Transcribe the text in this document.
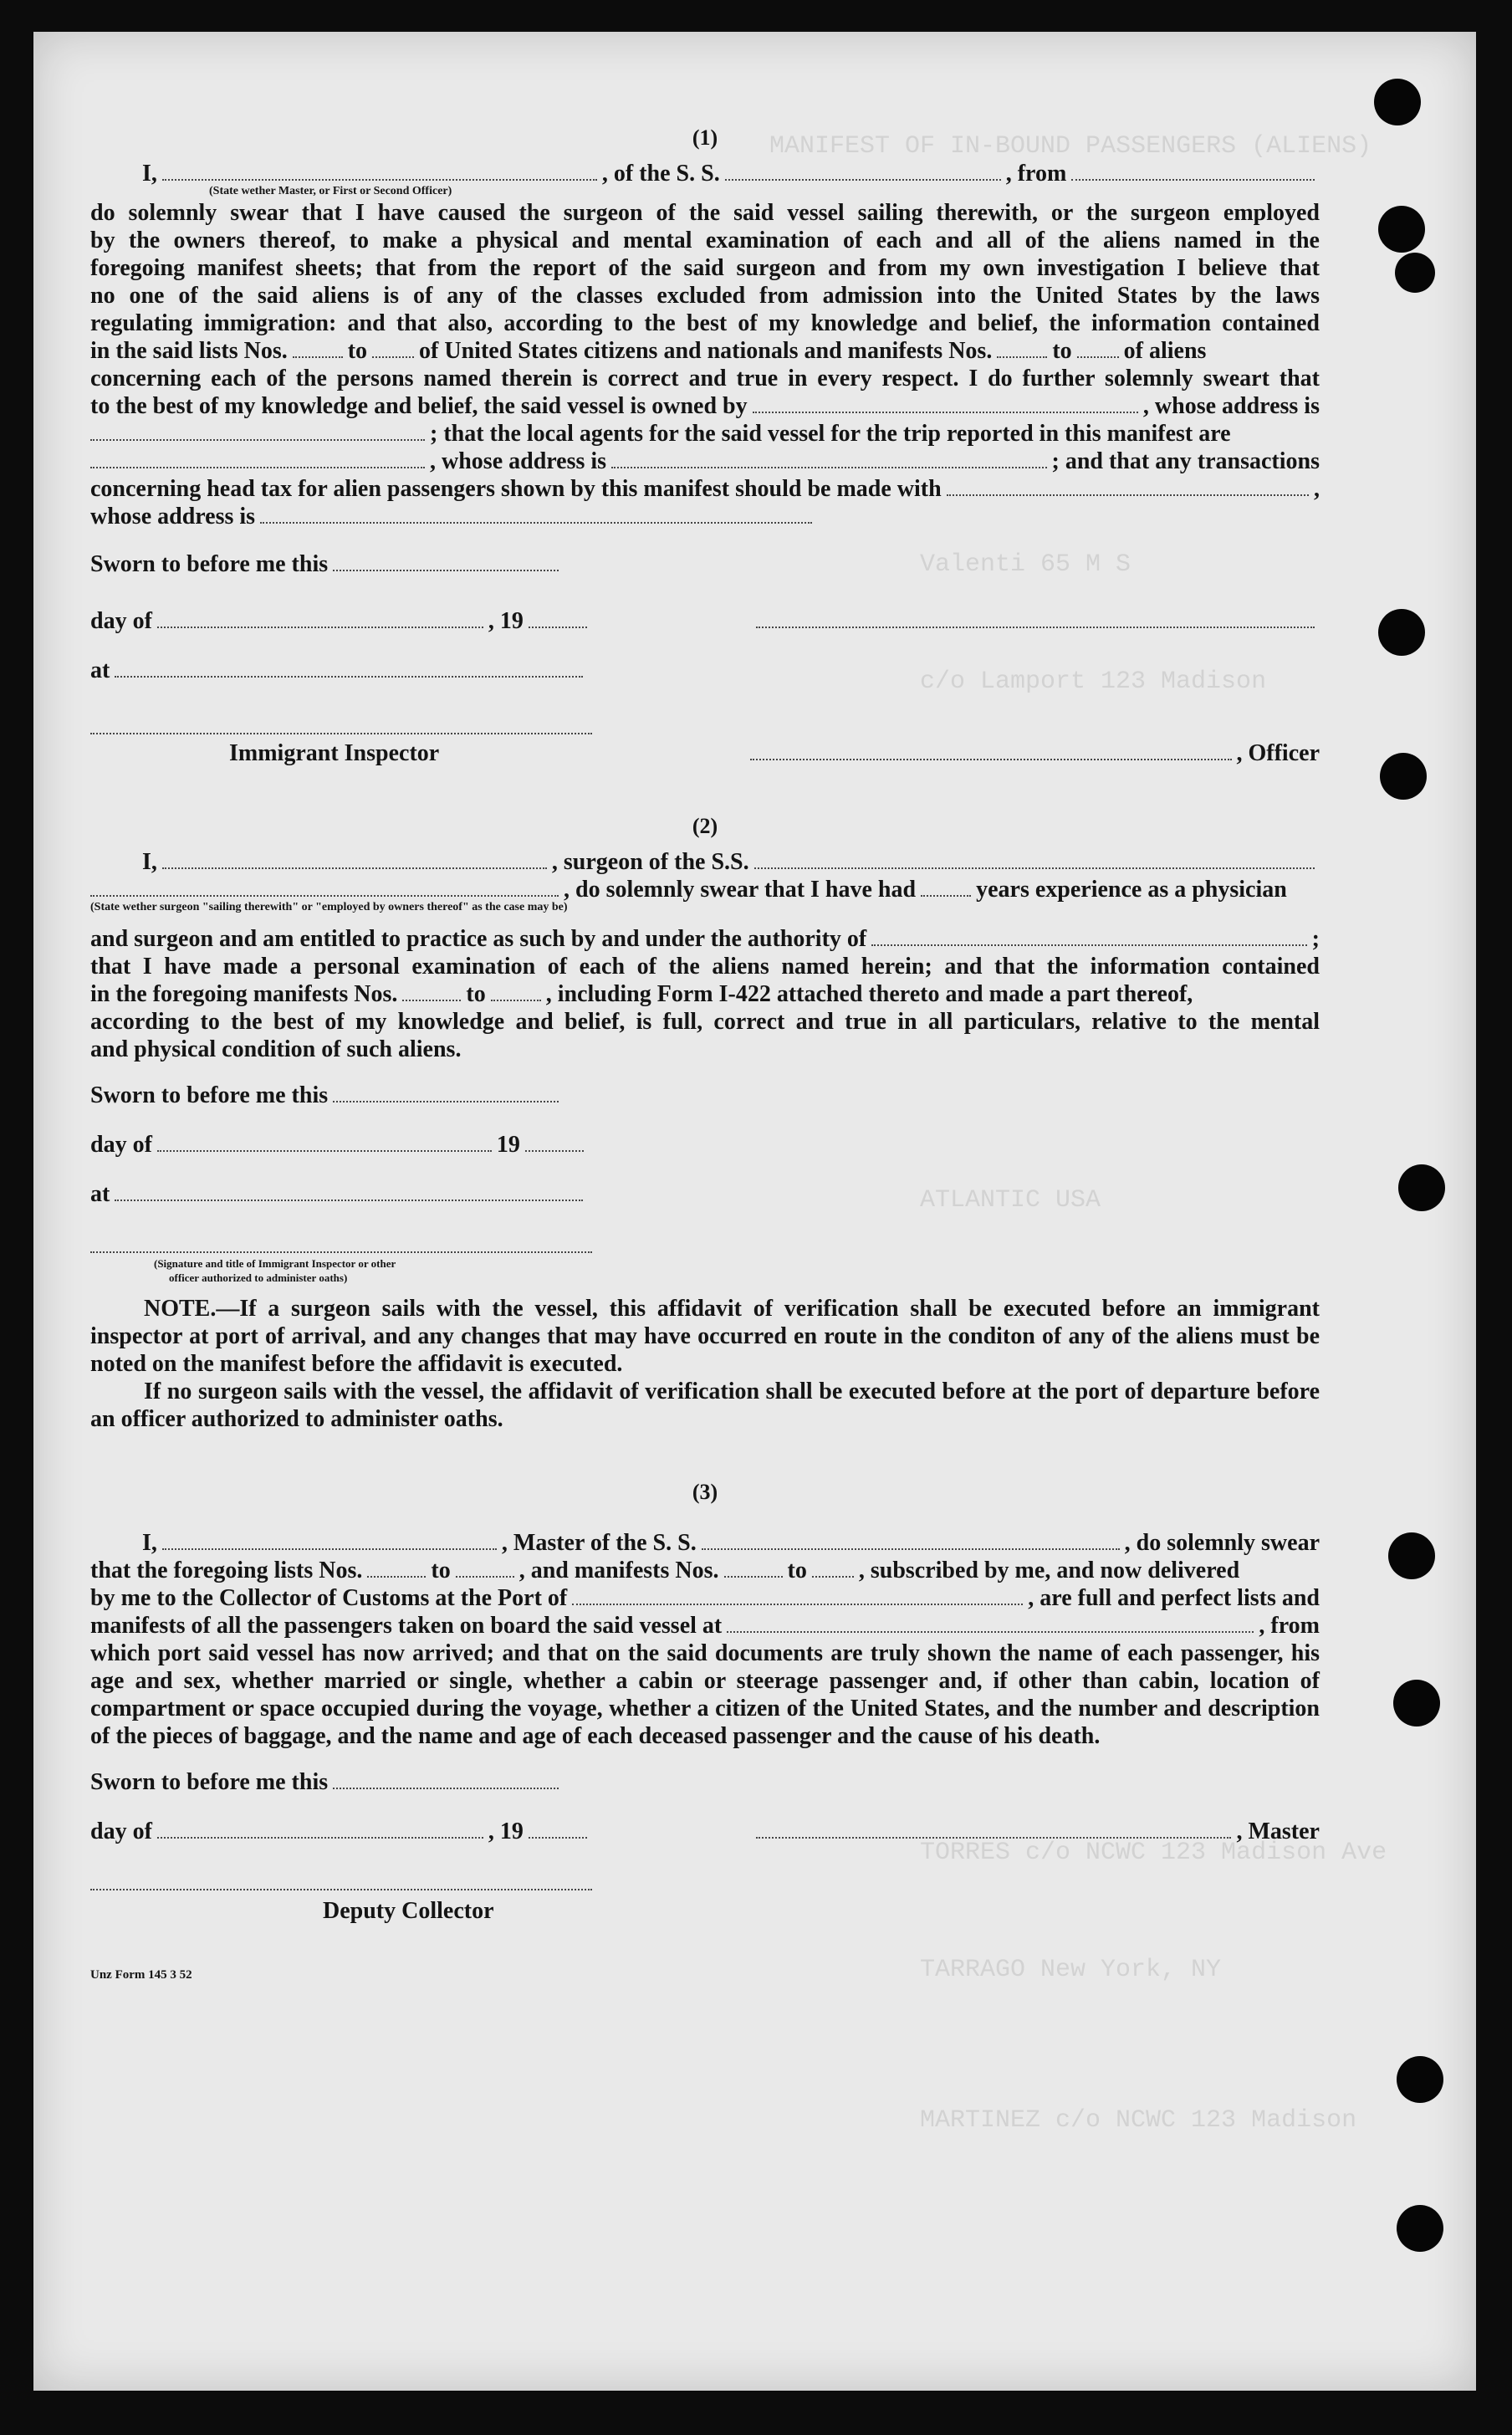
MANIFEST OF IN-BOUND PASSENGERS (ALIENS)
Valenti 65 M S
c/o Lamport 123 Madison
ATLANTIC USA
TORRES c/o NCWC 123 Madison Ave
TARRAGO New York, NY
MARTINEZ c/o NCWC 123 Madison
(1)
I,	, of the S. S.	, from
(State wether Master, or First or Second Officer)
do solemnly swear that I have caused the surgeon of the said vessel sailing therewith, or the surgeon employed
by the owners thereof, to make a physical and mental examination of each and all of the aliens named in the
foregoing manifest sheets; that from the report of the said surgeon and from my own investigation I believe that
no one of the said aliens is of any of the classes excluded from admission into the United States by the laws
regulating immigration: and that also, according to the best of my knowledge and belief, the information contained
in the said lists Nos.	to of United States citizens and nationals and manifests Nos.	to of aliens
concerning each of the persons named therein is correct and true in every respect. I do further solemnly sweart that
to the best of my knowledge and belief, the said vessel is owned by	, whose address is
; that the local agents for the said vessel for the trip reported in this manifest are
, whose address is	; and that any transactions
concerning head tax for alien passengers shown by this manifest should be made with	,
whose address is
Sworn to before me this
day of	, 19
at
Immigrant Inspector	, Officer
(2)
I,	, surgeon of the S.S.
, do solemnly swear that I have had	years experience as a physician
(State wether surgeon "sailing therewith" or "employed by owners thereof" as the case may be)
and surgeon and am entitled to practice as such by and under the authority of	;
that I have made a personal examination of each of the aliens named herein; and that the information contained
in the foregoing manifests Nos.	to	, including Form I-422 attached thereto and made a part thereof,
according to the best of my knowledge and belief, is full, correct and true in all particulars, relative to the mental
and physical condition of such aliens.
Sworn to before me this
day of	19
at
(Signature and title of Immigrant Inspector or other
officer authorized to administer oaths)
NOTE.—If a surgeon sails with the vessel, this affidavit of verification shall be executed before an immigrant inspector at port of arrival, and any changes that may have occurred en route in the conditon of any of the aliens must be noted on the manifest before the affidavit is executed.
If no surgeon sails with the vessel, the affidavit of verification shall be executed before at the port of departure before an officer authorized to administer oaths.
(3)
I,	, Master of the S. S.	, do solemnly swear
that the foregoing lists Nos.	to	, and manifests Nos.	to , subscribed by me, and now delivered
by me to the Collector of Customs at the Port of	, are full and perfect lists and
manifests of all the passengers taken on board the said vessel at	, from
which port said vessel has now arrived; and that on the said documents are truly shown the name of each passenger, his age and sex, whether married or single, whether a cabin or steerage passenger and, if other than cabin, location of compartment or space occupied during the voyage, whether a citizen of the United States, and the number and description of the pieces of baggage, and the name and age of each deceased passenger and the cause of his death.
Sworn to before me this
day of	, 19	, Master
Deputy Collector
Unz Form 145 3 52
